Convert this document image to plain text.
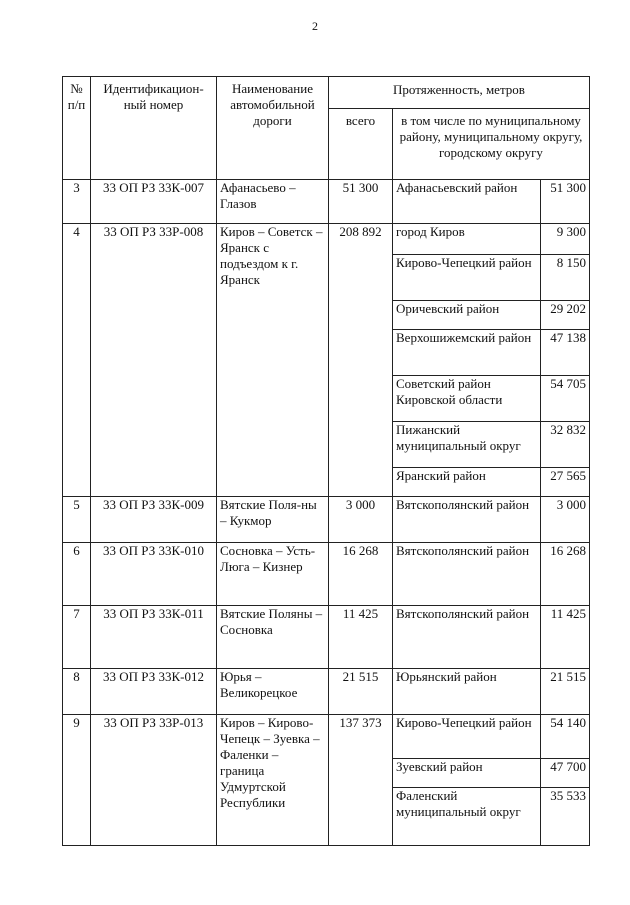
2
№ п/п	Идентификацион-ный номер	Наименование автомобильной дороги	Протяженность, метров		
			всего	в том числе по муниципальному району, муниципальному округу, городскому округу	
3	33 ОП РЗ 33К-007	Афанасьево – Глазов	51 300	Афанасьевский район	51 300
4	33 ОП РЗ 33Р-008	Киров – Советск – Яранск с подъездом к г. Яранск	208 892	город Киров	9 300
				Кирово-Чепецкий район	8 150
				Оричевский район	29 202
				Верхошижемский район	47 138
				Советский район Кировской области	54 705
				Пижанский муниципальный округ	32 832
				Яранский район	27 565
5	33 ОП РЗ 33К-009	Вятские Поля-ны – Кукмор	3 000	Вятскополянский район	3 000
6	33 ОП РЗ 33К-010	Сосновка – Усть-Люга – Кизнер	16 268	Вятскополянский район	16 268
7	33 ОП РЗ 33К-011	Вятские Поляны – Сосновка	11 425	Вятскополянский район	11 425
8	33 ОП РЗ 33К-012	Юрья – Великорецкое	21 515	Юрьянский район	21 515
9	33 ОП РЗ 33Р-013	Киров – Кирово-Чепецк – Зуевка – Фаленки – граница Удмуртской Республики	137 373	Кирово-Чепецкий район	54 140
				Зуевский район	47 700
				Фаленский муниципальный округ	35 533
